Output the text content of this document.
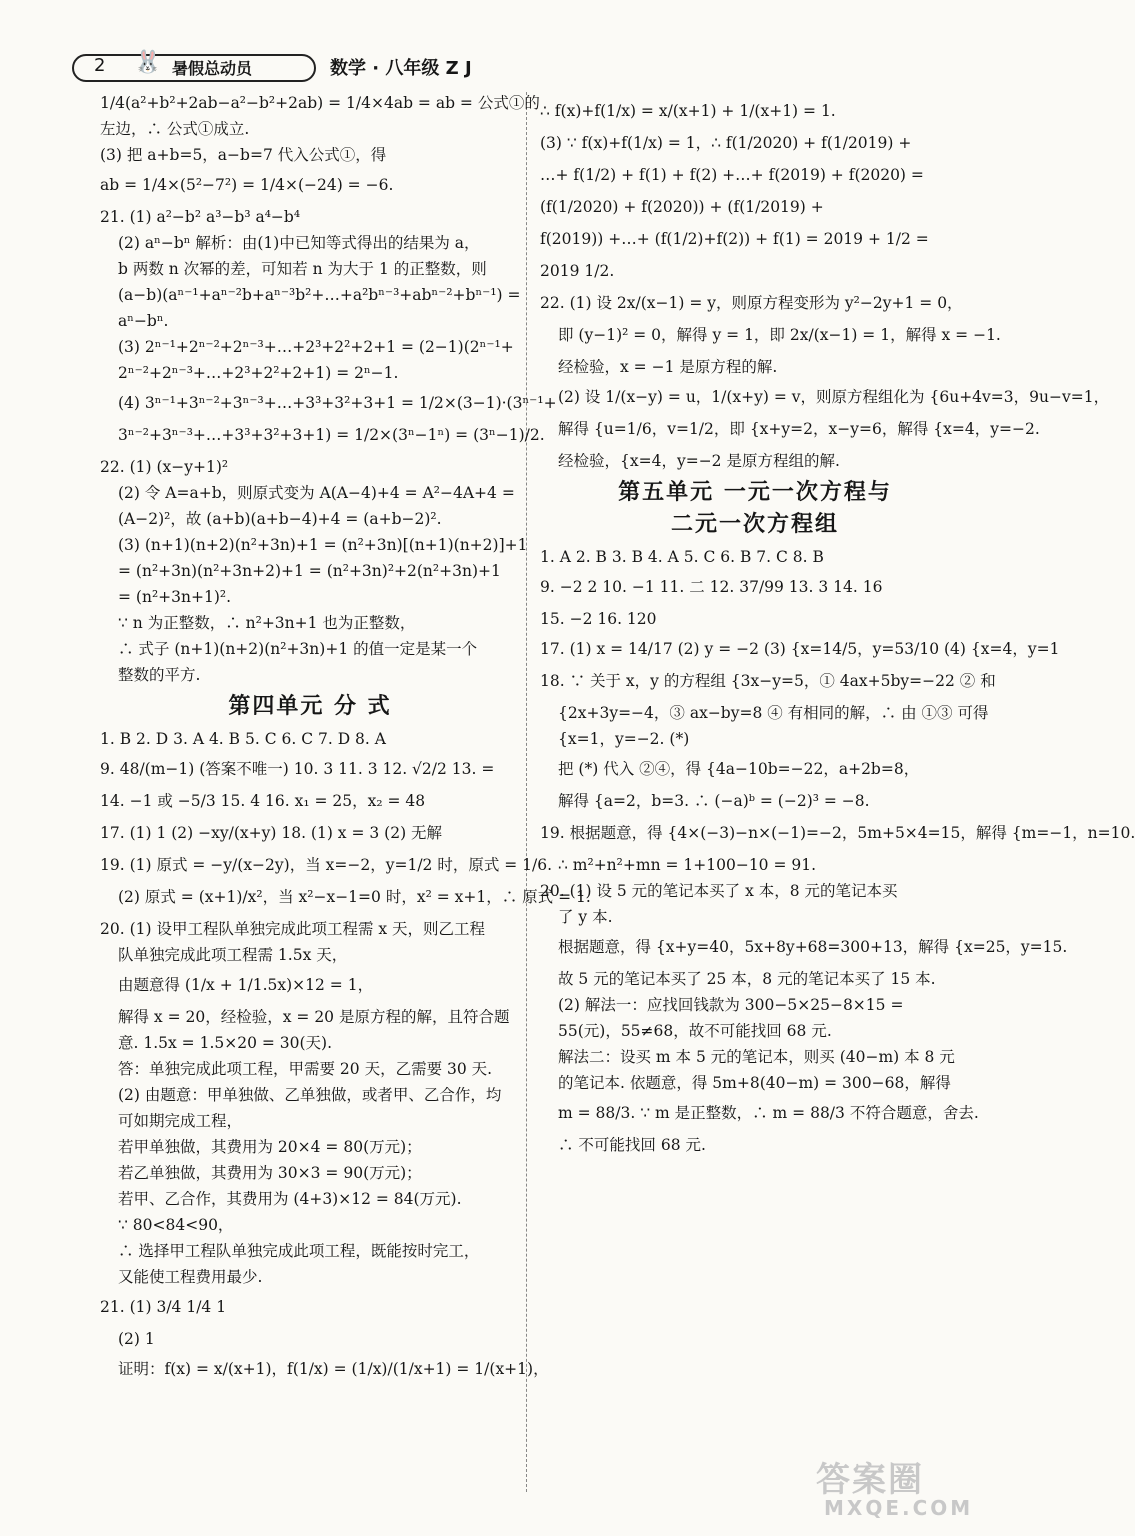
2 🐰 暑假总动员	数学 · 八年级 Z J
1/4(a²+b²+2ab−a²−b²+2ab) = 1/4×4ab = ab = 公式①的
左边，∴ 公式①成立.
(3) 把 a+b=5，a−b=7 代入公式①，得
ab = 1/4×(5²−7²) = 1/4×(−24) = −6.
21. (1) a²−b² a³−b³ a⁴−b⁴
(2) aⁿ−bⁿ 解析：由(1)中已知等式得出的结果为 a，
b 两数 n 次幂的差，可知若 n 为大于 1 的正整数，则
(a−b)(aⁿ⁻¹+aⁿ⁻²b+aⁿ⁻³b²+…+a²bⁿ⁻³+abⁿ⁻²+bⁿ⁻¹) =
aⁿ−bⁿ.
(3) 2ⁿ⁻¹+2ⁿ⁻²+2ⁿ⁻³+…+2³+2²+2+1 = (2−1)(2ⁿ⁻¹+
2ⁿ⁻²+2ⁿ⁻³+…+2³+2²+2+1) = 2ⁿ−1.
(4) 3ⁿ⁻¹+3ⁿ⁻²+3ⁿ⁻³+…+3³+3²+3+1 = 1/2×(3−1)·(3ⁿ⁻¹+
3ⁿ⁻²+3ⁿ⁻³+…+3³+3²+3+1) = 1/2×(3ⁿ−1ⁿ) = (3ⁿ−1)/2.
22. (1) (x−y+1)²
(2) 令 A=a+b，则原式变为 A(A−4)+4 = A²−4A+4 =
(A−2)²，故 (a+b)(a+b−4)+4 = (a+b−2)².
(3) (n+1)(n+2)(n²+3n)+1 = (n²+3n)[(n+1)(n+2)]+1
= (n²+3n)(n²+3n+2)+1 = (n²+3n)²+2(n²+3n)+1
= (n²+3n+1)².
∵ n 为正整数，∴ n²+3n+1 也为正整数，
∴ 式子 (n+1)(n+2)(n²+3n)+1 的值一定是某一个
整数的平方.
第四单元 分 式
1. B 2. D 3. A 4. B 5. C 6. C 7. D 8. A
9. 48/(m−1) (答案不唯一) 10. 3 11. 3 12. √2/2 13. =
14. −1 或 −5/3 15. 4 16. x₁ = 25，x₂ = 48
17. (1) 1 (2) −xy/(x+y) 18. (1) x = 3 (2) 无解
19. (1) 原式 = −y/(x−2y)，当 x=−2，y=1/2 时，原式 = 1/6.
(2) 原式 = (x+1)/x²，当 x²−x−1=0 时，x² = x+1，∴ 原式 = 1.
20. (1) 设甲工程队单独完成此项工程需 x 天，则乙工程
队单独完成此项工程需 1.5x 天，
由题意得 (1/x + 1/1.5x)×12 = 1，
解得 x = 20，经检验，x = 20 是原方程的解，且符合题
意. 1.5x = 1.5×20 = 30(天).
答：单独完成此项工程，甲需要 20 天，乙需要 30 天.
(2) 由题意：甲单独做、乙单独做，或者甲、乙合作，均
可如期完成工程，
若甲单独做，其费用为 20×4 = 80(万元)；
若乙单独做，其费用为 30×3 = 90(万元)；
若甲、乙合作，其费用为 (4+3)×12 = 84(万元).
∵ 80<84<90，
∴ 选择甲工程队单独完成此项工程，既能按时完工，
又能使工程费用最少.
21. (1) 3/4 1/4 1
(2) 1
证明：f(x) = x/(x+1)，f(1/x) = (1/x)/(1/x+1) = 1/(x+1)，
∴ f(x)+f(1/x) = x/(x+1) + 1/(x+1) = 1.
(3) ∵ f(x)+f(1/x) = 1，∴ f(1/2020) + f(1/2019) +
…+ f(1/2) + f(1) + f(2) +…+ f(2019) + f(2020) =
(f(1/2020) + f(2020)) + (f(1/2019) +
f(2019)) +…+ (f(1/2)+f(2)) + f(1) = 2019 + 1/2 =
2019 1/2.
22. (1) 设 2x/(x−1) = y，则原方程变形为 y²−2y+1 = 0，
即 (y−1)² = 0，解得 y = 1，即 2x/(x−1) = 1，解得 x = −1.
经检验，x = −1 是原方程的解.
(2) 设 1/(x−y) = u，1/(x+y) = v，则原方程组化为 {6u+4v=3，9u−v=1，
解得 {u=1/6，v=1/2，即 {x+y=2，x−y=6，解得 {x=4，y=−2.
经检验，{x=4，y=−2 是原方程组的解.
第五单元 一元一次方程与
二元一次方程组
1. A 2. B 3. B 4. A 5. C 6. B 7. C 8. B
9. −2 2 10. −1 11. 二 12. 37/99 13. 3 14. 16
15. −2 16. 120
17. (1) x = 14/17 (2) y = −2 (3) {x=14/5，y=53/10 (4) {x=4，y=1
18. ∵ 关于 x，y 的方程组 {3x−y=5，① 4ax+5by=−22 ② 和
{2x+3y=−4，③ ax−by=8 ④ 有相同的解，∴ 由 ①③ 可得
{x=1，y=−2. (*)
把 (*) 代入 ②④，得 {4a−10b=−22，a+2b=8，
解得 {a=2，b=3. ∴ (−a)ᵇ = (−2)³ = −8.
19. 根据题意，得 {4×(−3)−n×(−1)=−2，5m+5×4=15，解得 {m=−1，n=10.
∴ m²+n²+mn = 1+100−10 = 91.
20. (1) 设 5 元的笔记本买了 x 本，8 元的笔记本买
了 y 本.
根据题意，得 {x+y=40，5x+8y+68=300+13，解得 {x=25，y=15.
故 5 元的笔记本买了 25 本，8 元的笔记本买了 15 本.
(2) 解法一：应找回钱款为 300−5×25−8×15 =
55(元)，55≠68，故不可能找回 68 元.
解法二：设买 m 本 5 元的笔记本，则买 (40−m) 本 8 元
的笔记本. 依题意，得 5m+8(40−m) = 300−68，解得
m = 88/3. ∵ m 是正整数，∴ m = 88/3 不符合题意，舍去.
∴ 不可能找回 68 元.
答案圈
MXQE.COM
